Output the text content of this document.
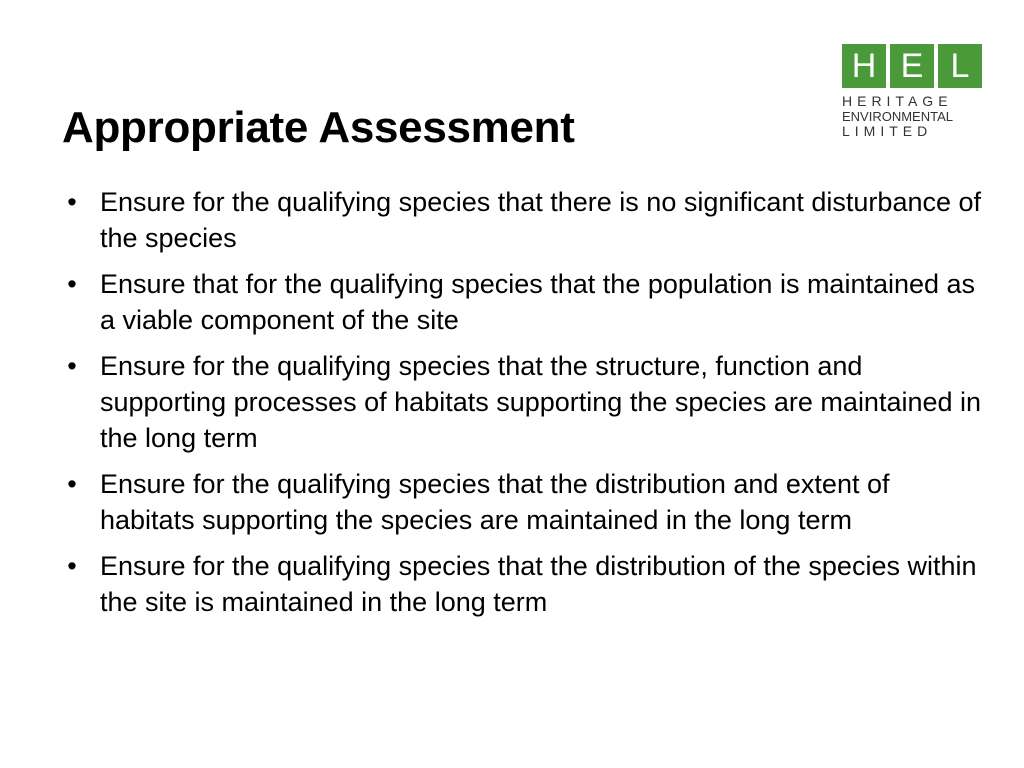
Appropriate Assessment
H E L
HERITAGE
ENVIRONMENTAL
LIMITED
• Ensure for the qualifying species that there is no significant disturbance of the species
• Ensure that for the qualifying species that the population is maintained as a viable component of the site
• Ensure for the qualifying species that the structure, function and supporting processes of habitats supporting the species are maintained in the long term
• Ensure for the qualifying species that the distribution and extent of habitats supporting the species are maintained in the long term
• Ensure for the qualifying species that the distribution of the species within the site is maintained in the long term
